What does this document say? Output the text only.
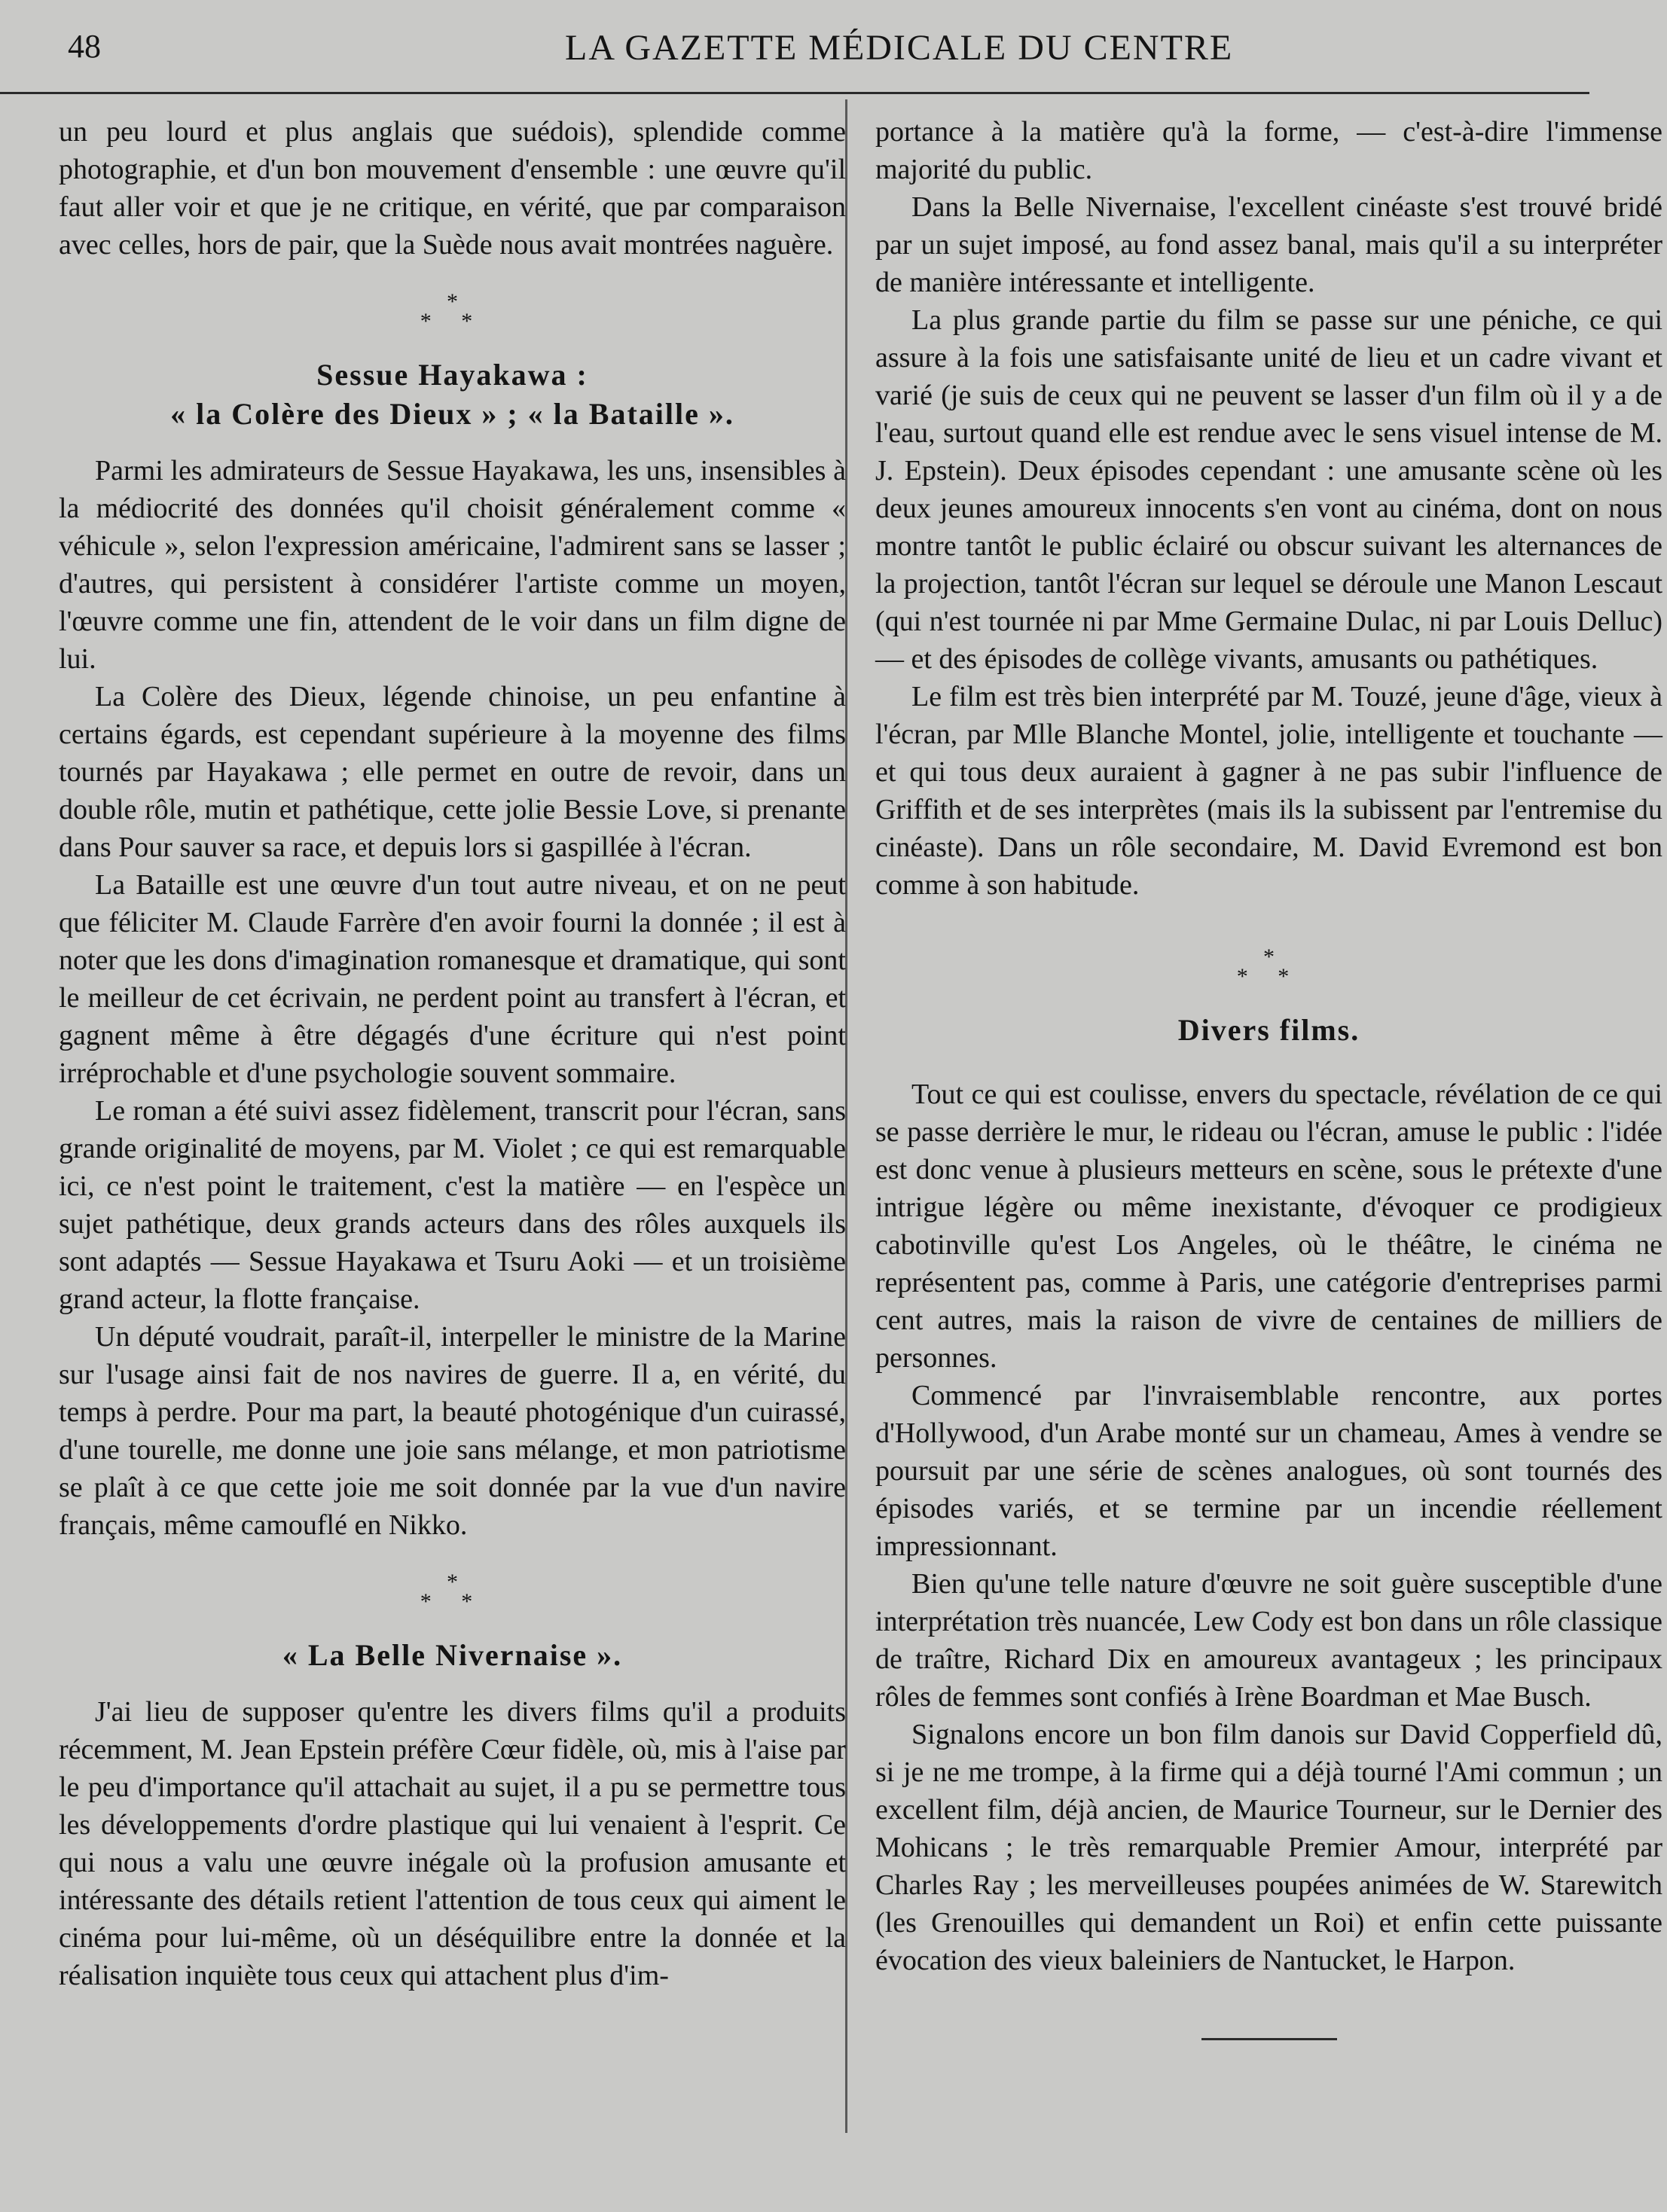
48	LA GAZETTE MÉDICALE DU CENTRE

un peu lourd et plus anglais que suédois), splendide comme photographie, et d'un bon mouvement d'ensemble : une œuvre qu'il faut aller voir et que je ne critique, en vérité, que par comparaison avec celles, hors de pair, que la Suède nous avait montrées naguère.

*
* *
Sessue Hayakawa :
« la Colère des Dieux » ; « la Bataille ».

Parmi les admirateurs de Sessue Hayakawa, les uns, insensibles à la médiocrité des données qu'il choisit généralement comme « véhicule », selon l'expression américaine, l'admirent sans se lasser ; d'autres, qui persistent à considérer l'artiste comme un moyen, l'œuvre comme une fin, attendent de le voir dans un film digne de lui.

La Colère des Dieux, légende chinoise, un peu enfantine à certains égards, est cependant supérieure à la moyenne des films tournés par Hayakawa ; elle permet en outre de revoir, dans un double rôle, mutin et pathétique, cette jolie Bessie Love, si prenante dans Pour sauver sa race, et depuis lors si gaspillée à l'écran.

La Bataille est une œuvre d'un tout autre niveau, et on ne peut que féliciter M. Claude Farrère d'en avoir fourni la donnée ; il est à noter que les dons d'imagination romanesque et dramatique, qui sont le meilleur de cet écrivain, ne perdent point au transfert à l'écran, et gagnent même à être dégagés d'une écriture qui n'est point irréprochable et d'une psychologie souvent sommaire.

Le roman a été suivi assez fidèlement, transcrit pour l'écran, sans grande originalité de moyens, par M. Violet ; ce qui est remarquable ici, ce n'est point le traitement, c'est la matière — en l'espèce un sujet pathétique, deux grands acteurs dans des rôles auxquels ils sont adaptés — Sessue Hayakawa et Tsuru Aoki — et un troisième grand acteur, la flotte française.

Un député voudrait, paraît-il, interpeller le ministre de la Marine sur l'usage ainsi fait de nos navires de guerre. Il a, en vérité, du temps à perdre. Pour ma part, la beauté photogénique d'un cuirassé, d'une tourelle, me donne une joie sans mélange, et mon patriotisme se plaît à ce que cette joie me soit donnée par la vue d'un navire français, même camouflé en Nikko.

*
* *
« La Belle Nivernaise ».

J'ai lieu de supposer qu'entre les divers films qu'il a produits récemment, M. Jean Epstein préfère Cœur fidèle, où, mis à l'aise par le peu d'importance qu'il attachait au sujet, il a pu se permettre tous les développements d'ordre plastique qui lui venaient à l'esprit. Ce qui nous a valu une œuvre inégale où la profusion amusante et intéressante des détails retient l'attention de tous ceux qui aiment le cinéma pour lui-même, où un déséquilibre entre la donnée et la réalisation inquiète tous ceux qui attachent plus d'im-

portance à la matière qu'à la forme, — c'est-à-dire l'immense majorité du public.

Dans la Belle Nivernaise, l'excellent cinéaste s'est trouvé bridé par un sujet imposé, au fond assez banal, mais qu'il a su interpréter de manière intéressante et intelligente.

La plus grande partie du film se passe sur une péniche, ce qui assure à la fois une satisfaisante unité de lieu et un cadre vivant et varié (je suis de ceux qui ne peuvent se lasser d'un film où il y a de l'eau, surtout quand elle est rendue avec le sens visuel intense de M. J. Epstein). Deux épisodes cependant : une amusante scène où les deux jeunes amoureux innocents s'en vont au cinéma, dont on nous montre tantôt le public éclairé ou obscur suivant les alternances de la projection, tantôt l'écran sur lequel se déroule une Manon Lescaut (qui n'est tournée ni par Mme Germaine Dulac, ni par Louis Delluc) — et des épisodes de collège vivants, amusants ou pathétiques.

Le film est très bien interprété par M. Touzé, jeune d'âge, vieux à l'écran, par Mlle Blanche Montel, jolie, intelligente et touchante — et qui tous deux auraient à gagner à ne pas subir l'influence de Griffith et de ses interprètes (mais ils la subissent par l'entremise du cinéaste). Dans un rôle secondaire, M. David Evremond est bon comme à son habitude.

*
* *
Divers films.

Tout ce qui est coulisse, envers du spectacle, révélation de ce qui se passe derrière le mur, le rideau ou l'écran, amuse le public : l'idée est donc venue à plusieurs metteurs en scène, sous le prétexte d'une intrigue légère ou même inexistante, d'évoquer ce prodigieux cabotinville qu'est Los Angeles, où le théâtre, le cinéma ne représentent pas, comme à Paris, une catégorie d'entreprises parmi cent autres, mais la raison de vivre de centaines de milliers de personnes.

Commencé par l'invraisemblable rencontre, aux portes d'Hollywood, d'un Arabe monté sur un chameau, Ames à vendre se poursuit par une série de scènes analogues, où sont tournés des épisodes variés, et se termine par un incendie réellement impressionnant.

Bien qu'une telle nature d'œuvre ne soit guère susceptible d'une interprétation très nuancée, Lew Cody est bon dans un rôle classique de traître, Richard Dix en amoureux avantageux ; les principaux rôles de femmes sont confiés à Irène Boardman et Mae Busch.

Signalons encore un bon film danois sur David Copperfield dû, si je ne me trompe, à la firme qui a déjà tourné l'Ami commun ; un excellent film, déjà ancien, de Maurice Tourneur, sur le Dernier des Mohicans ; le très remarquable Premier Amour, interprété par Charles Ray ; les merveilleuses poupées animées de W. Starewitch (les Grenouilles qui demandent un Roi) et enfin cette puissante évocation des vieux baleiniers de Nantucket, le Harpon.
